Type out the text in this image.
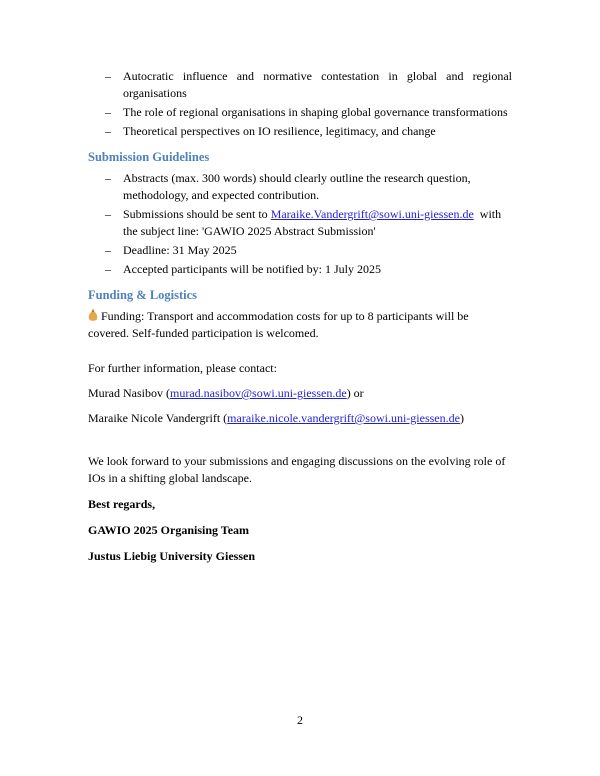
– Autocratic influence and normative contestation in global and regional organisations
– The role of regional organisations in shaping global governance transformations
– Theoretical perspectives on IO resilience, legitimacy, and change
Submission Guidelines
– Abstracts (max. 300 words) should clearly outline the research question, methodology, and expected contribution.
– Submissions should be sent to Maraike.Vandergrift@sowi.uni-giessen.de  with the subject line: 'GAWIO 2025 Abstract Submission'
– Deadline: 31 May 2025
– Accepted participants will be notified by: 1 July 2025
Funding & Logistics

Funding: Transport and accommodation costs for up to 8 participants will be covered. Self-funded participation is welcomed.

For further information, please contact:

Murad Nasibov (murad.nasibov@sowi.uni-giessen.de) or

Maraike Nicole Vandergrift (maraike.nicole.vandergrift@sowi.uni-giessen.de)

We look forward to your submissions and engaging discussions on the evolving role of IOs in a shifting global landscape.

Best regards,

GAWIO 2025 Organising Team

Justus Liebig University Giessen

2
